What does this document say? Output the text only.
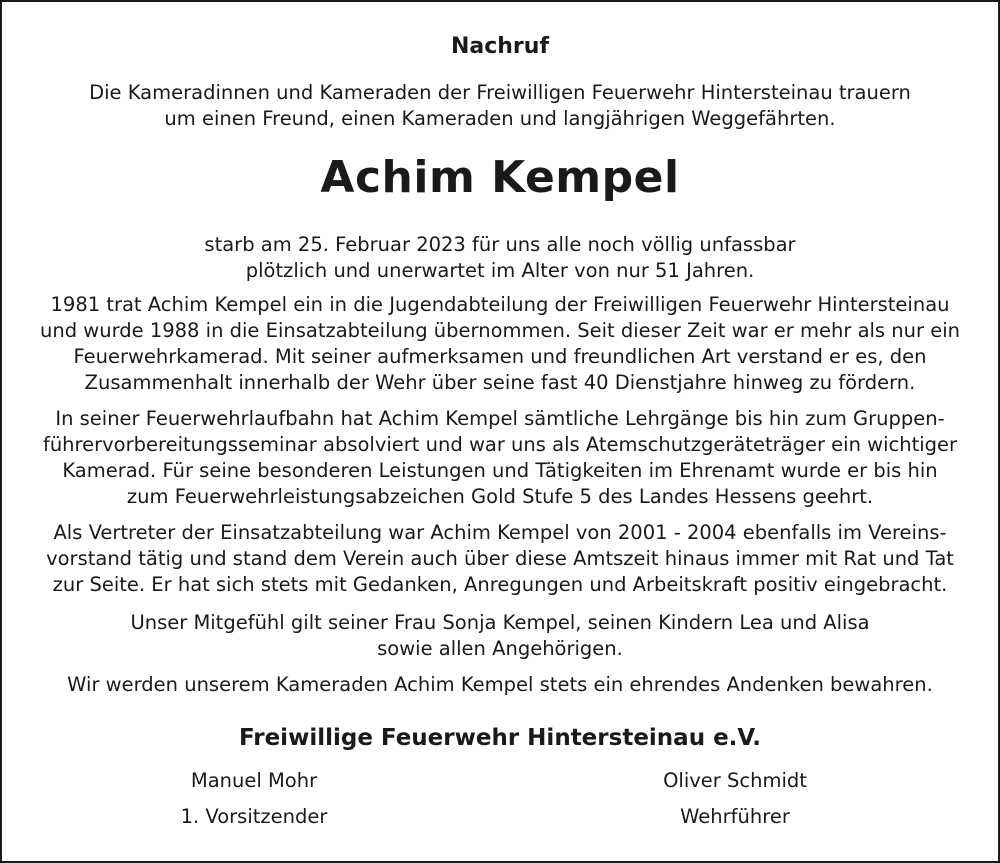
Nachruf
Die Kameradinnen und Kameraden der Freiwilligen Feuerwehr Hintersteinau trauern
um einen Freund, einen Kameraden und langjährigen Weggefährten.
Achim Kempel
starb am 25. Februar 2023 für uns alle noch völlig unfassbar
plötzlich und unerwartet im Alter von nur 51 Jahren.
1981 trat Achim Kempel ein in die Jugendabteilung der Freiwilligen Feuerwehr Hintersteinau
und wurde 1988 in die Einsatzabteilung übernommen. Seit dieser Zeit war er mehr als nur ein
Feuerwehrkamerad. Mit seiner aufmerksamen und freundlichen Art verstand er es, den
Zusammenhalt innerhalb der Wehr über seine fast 40 Dienstjahre hinweg zu fördern.
In seiner Feuerwehrlaufbahn hat Achim Kempel sämtliche Lehrgänge bis hin zum Gruppen-
führervorbereitungsseminar absolviert und war uns als Atemschutzgeräteträger ein wichtiger
Kamerad. Für seine besonderen Leistungen und Tätigkeiten im Ehrenamt wurde er bis hin
zum Feuerwehrleistungsabzeichen Gold Stufe 5 des Landes Hessens geehrt.
Als Vertreter der Einsatzabteilung war Achim Kempel von 2001 - 2004 ebenfalls im Vereins-
vorstand tätig und stand dem Verein auch über diese Amtszeit hinaus immer mit Rat und Tat
zur Seite. Er hat sich stets mit Gedanken, Anregungen und Arbeitskraft positiv eingebracht.
Unser Mitgefühl gilt seiner Frau Sonja Kempel, seinen Kindern Lea und Alisa
sowie allen Angehörigen.
Wir werden unserem Kameraden Achim Kempel stets ein ehrendes Andenken bewahren.
Freiwillige Feuerwehr Hintersteinau e.V.
Manuel Mohr
1. Vorsitzender
Oliver Schmidt
Wehrführer
